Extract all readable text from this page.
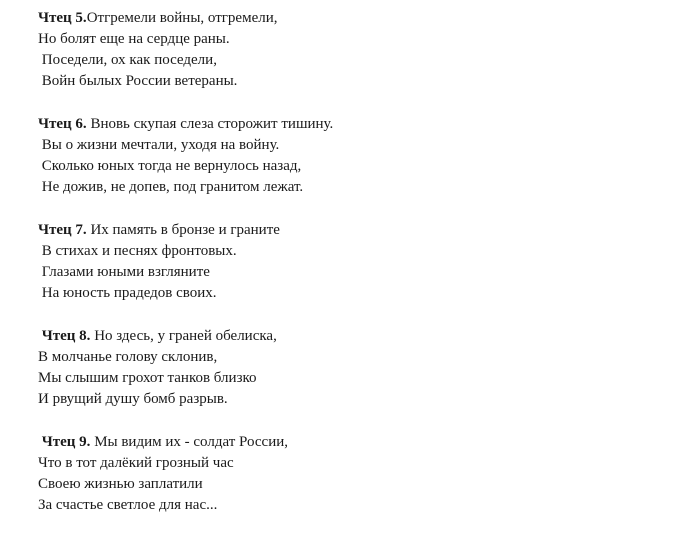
Чтец 5.Отгремели войны, отгремели,
Но болят еще на сердце раны.
Поседели, ох как поседели,
Войн былых России ветераны.
Чтец 6. Вновь скупая слеза сторожит тишину.
Вы о жизни мечтали, уходя на войну.
Сколько юных тогда не вернулось назад,
Не дожив, не допев, под гранитом лежат.
Чтец 7. Их память в бронзе и граните
В стихах и песнях фронтовых.
Глазами юными взгляните
На юность прадедов своих.
Чтец 8. Но здесь, у граней обелиска,
В молчанье голову склонив,
Мы слышим грохот танков близко
И рвущий душу бомб разрыв.
Чтец 9. Мы видим их - солдат России,
Что в тот далёкий грозный час
Своею жизнью заплатили
За счастье светлое для нас...
